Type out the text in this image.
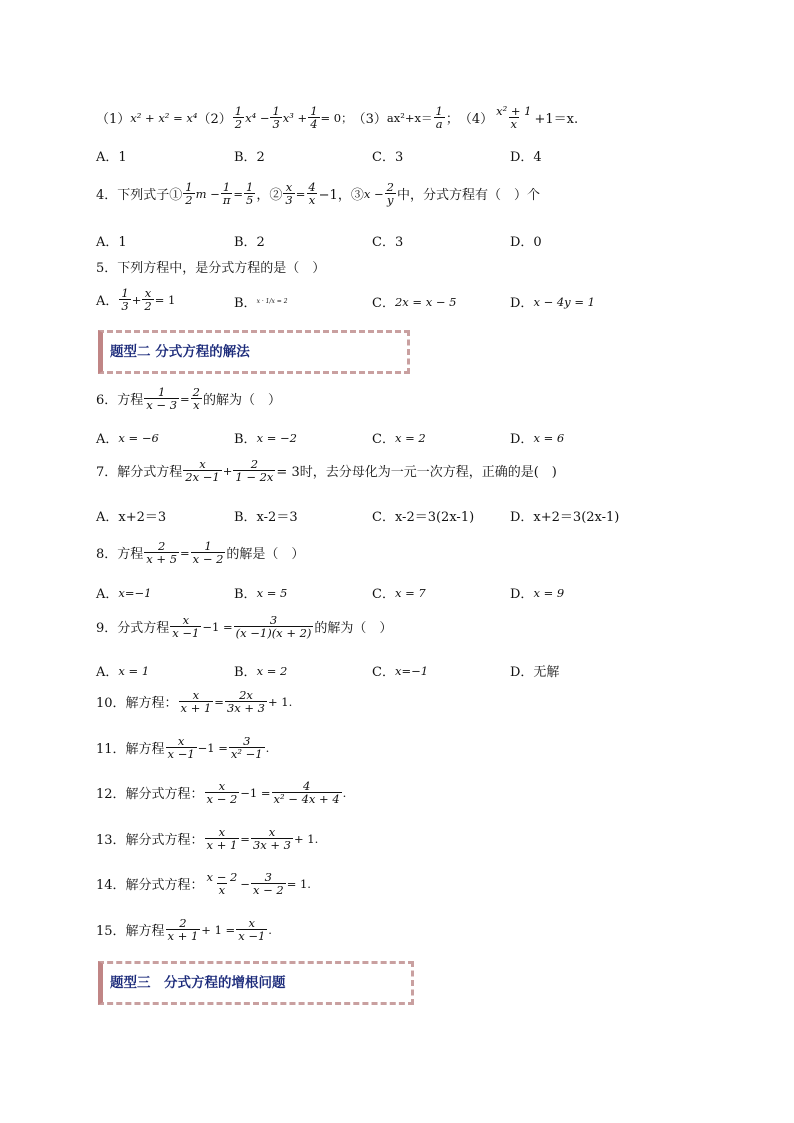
（1） x² + x² = x⁴ $(2) \frac{1}{2} x^4 - \frac{1}{3} x^3 + \frac{1}{4} = 0$； （3） $ax^2+x= \frac{1}{a}$ ； $(4) \frac{\text{x² + 1}}{x} +1=x$.
A．1	B．2	C．3	D．4
4．下列式子① $\frac{1}{2}$ $m - \frac{1}{\pi} = \frac{1}{5}$ ，② $\frac{x}{3} = \frac{4}{x} -1$，③ $x - \frac{2}{y}$ 中，分式方程有（　）个
A．1	B．2	C．3	D．0
5．下列方程中，是分式方程的是（　）
A． $\frac{1}{3} + \frac{x}{2} = 1$	B． x · 1/x = 2	C． 2x = x − 5	D． x − 4y = 1
题型二 分式方程的解法
6．方程 $\frac{1}{x - 3} = \frac{2}{x}$ 的解为（　）
A． x = −6	B． x = −2	C． x = 2	D． x = 6
7．解分式方程 $\frac{x}{2x -1} + \frac{2}{1 - 2x} = 3$时，去分母化为一元一次方程，正确的是(　)
A．x+2＝3	B．x-2＝3	C．x-2＝3(2x-1)	D．x+2＝3(2x-1)
8．方程 $\frac{2}{x + 5} = \frac{1}{x - 2}$ 的解是（　）
A． x=−1	B． x = 5	C． x = 7	D． x = 9
9．分式方程 $\frac{x}{x -1} -1 = \frac{3}{(x -1)(x + 2)}$ 的解为（　）
A． x = 1	B． x = 2	C． x=−1	D．无解
10．解方程： $\frac{x}{x + 1} = \frac{2x}{3x + 3} + 1$.
11．解方程 $\frac{x}{x -1} -1 = \frac{3}{\text{x² −1}}$ .
12．解分式方程： $\frac{x}{x - 2} -1 = \frac{4}{\text{x² − 4x + 4}}$ .
13．解分式方程： $\frac{x}{x + 1} = \frac{x}{3x + 3} + 1$.
14．解分式方程： $\frac{x - 2}{x} - \frac{3}{x - 2} = 1$.
15．解方程 $\frac{2}{x + 1} + 1 = \frac{x}{x -1}$ .
题型三　分式方程的增根问题
